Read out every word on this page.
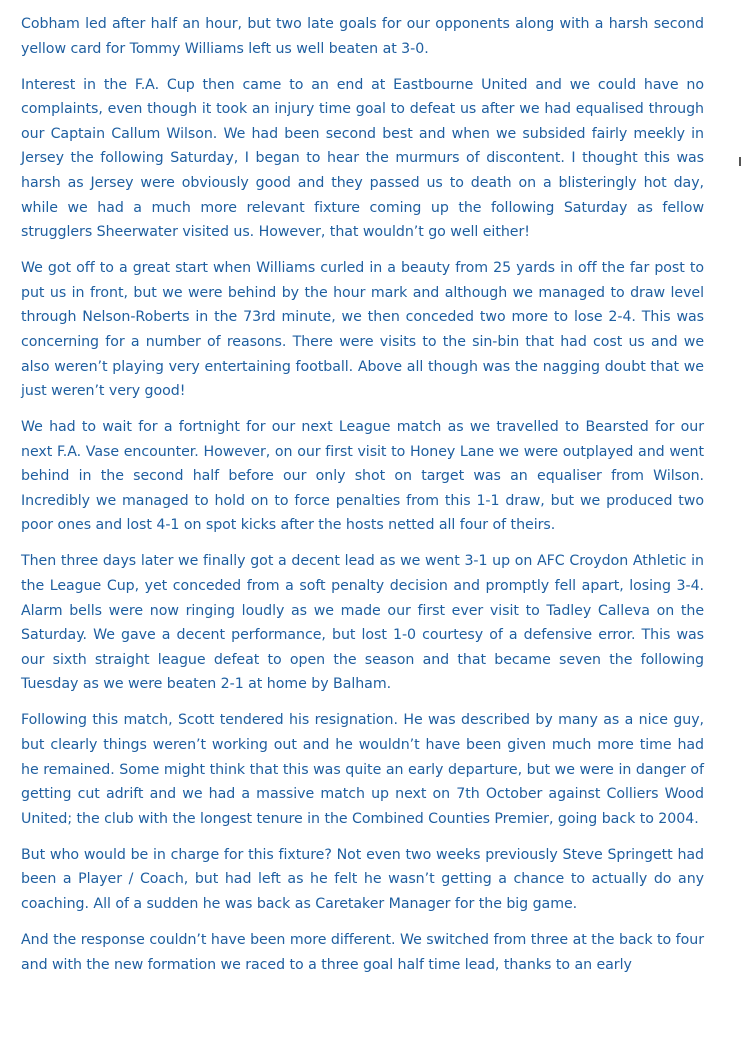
Cobham led after half an hour, but two late goals for our opponents along with a harsh second yellow card for Tommy Williams left us well beaten at 3-0.

Interest in the F.A. Cup then came to an end at Eastbourne United and we could have no complaints, even though it took an injury time goal to defeat us after we had equalised through our Captain Callum Wilson. We had been second best and when we subsided fairly meekly in Jersey the following Saturday, I began to hear the murmurs of discontent. I thought this was harsh as Jersey were obviously good and they passed us to death on a blisteringly hot day, while we had a much more relevant fixture coming up the following Saturday as fellow strugglers Sheerwater visited us. However, that wouldn’t go well either!

We got off to a great start when Williams curled in a beauty from 25 yards in off the far post to put us in front, but we were behind by the hour mark and although we managed to draw level through Nelson-Roberts in the 73rd minute, we then conceded two more to lose 2-4. This was concerning for a number of reasons. There were visits to the sin-bin that had cost us and we also weren’t playing very entertaining football. Above all though was the nagging doubt that we just weren’t very good!

We had to wait for a fortnight for our next League match as we travelled to Bearsted for our next F.A. Vase encounter. However, on our first visit to Honey Lane we were outplayed and went behind in the second half before our only shot on target was an equaliser from Wilson. Incredibly we managed to hold on to force penalties from this 1-1 draw, but we produced two poor ones and lost 4-1 on spot kicks after the hosts netted all four of theirs.

Then three days later we finally got a decent lead as we went 3-1 up on AFC Croydon Athletic in the League Cup, yet conceded from a soft penalty decision and promptly fell apart, losing 3-4. Alarm bells were now ringing loudly as we made our first ever visit to Tadley Calleva on the Saturday. We gave a decent performance, but lost 1-0 courtesy of a defensive error. This was our sixth straight league defeat to open the season and that became seven the following Tuesday as we were beaten 2-1 at home by Balham.

Following this match, Scott tendered his resignation. He was described by many as a nice guy, but clearly things weren’t working out and he wouldn’t have been given much more time had he remained. Some might think that this was quite an early departure, but we were in danger of getting cut adrift and we had a massive match up next on 7th October against Colliers Wood United; the club with the longest tenure in the Combined Counties Premier, going back to 2004.

But who would be in charge for this fixture? Not even two weeks previously Steve Springett had been a Player / Coach, but had left as he felt he wasn’t getting a chance to actually do any coaching. All of a sudden he was back as Caretaker Manager for the big game.

And the response couldn’t have been more different. We switched from three at the back to four and with the new formation we raced to a three goal half time lead, thanks to an early
